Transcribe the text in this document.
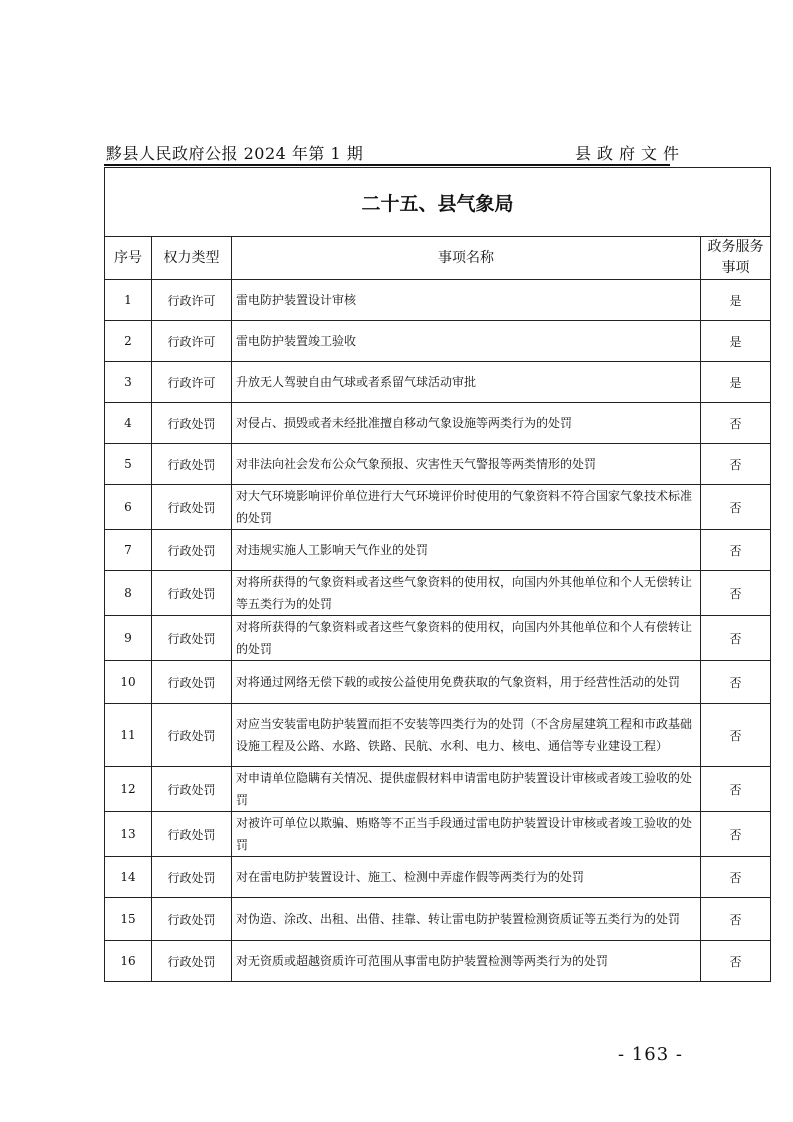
黟县人民政府公报 2024 年第 1 期	县政府文件
二十五、县气象局			
序号	权力类型	事项名称	政务服务事项
1	行政许可	雷电防护装置设计审核	是
2	行政许可	雷电防护装置竣工验收	是
3	行政许可	升放无人驾驶自由气球或者系留气球活动审批	是
4	行政处罚	对侵占、损毁或者未经批准擅自移动气象设施等两类行为的处罚	否
5	行政处罚	对非法向社会发布公众气象预报、灾害性天气警报等两类情形的处罚	否
6	行政处罚	对大气环境影响评价单位进行大气环境评价时使用的气象资料不符合国家气象技术标准的处罚	否
7	行政处罚	对违规实施人工影响天气作业的处罚	否
8	行政处罚	对将所获得的气象资料或者这些气象资料的使用权，向国内外其他单位和个人无偿转让等五类行为的处罚	否
9	行政处罚	对将所获得的气象资料或者这些气象资料的使用权，向国内外其他单位和个人有偿转让的处罚	否
10	行政处罚	对将通过网络无偿下载的或按公益使用免费获取的气象资料，用于经营性活动的处罚	否
11	行政处罚	对应当安装雷电防护装置而拒不安装等四类行为的处罚（不含房屋建筑工程和市政基础设施工程及公路、水路、铁路、民航、水利、电力、核电、通信等专业建设工程）	否
12	行政处罚	对申请单位隐瞒有关情况、提供虚假材料申请雷电防护装置设计审核或者竣工验收的处罚	否
13	行政处罚	对被许可单位以欺骗、贿赂等不正当手段通过雷电防护装置设计审核或者竣工验收的处罚	否
14	行政处罚	对在雷电防护装置设计、施工、检测中弄虚作假等两类行为的处罚	否
15	行政处罚	对伪造、涂改、出租、出借、挂靠、转让雷电防护装置检测资质证等五类行为的处罚	否
16	行政处罚	对无资质或超越资质许可范围从事雷电防护装置检测等两类行为的处罚	否
- 163 -
